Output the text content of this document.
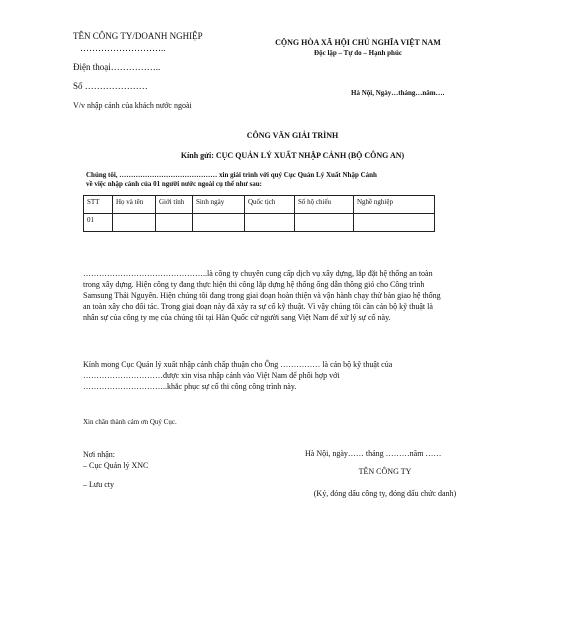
TÊN CÔNG TY/DOANH NGHIỆP
………………………..
Điện thoại……………..
Số …………………
V/v nhập cảnh của khách nước ngoài
CỘNG HÒA XÃ HỘI CHỦ NGHĨA VIỆT NAM
Độc lập – Tự do – Hạnh phúc
Hà Nội, Ngày…tháng…năm….
CÔNG VĂN GIẢI TRÌNH
Kính gửi: CỤC QUẢN LÝ XUẤT NHẬP CẢNH (BỘ CÔNG AN)
Chúng tôi, …………………………………… xin giải trình với quý Cục Quản Lý Xuất Nhập Cảnh
về việc nhập cảnh của 01 người nước ngoài cụ thể như sau:
STT	Họ và tên	Giới tính	Sinh ngày	Quốc tịch	Số hộ chiếu	Nghề nghiệp
01						
………………………………………..là công ty chuyên cung cấp dịch vụ xây dựng, lắp đặt hệ thống an toàn trong xây dựng. Hiện công ty đang thực hiện thi công lắp dựng hệ thống ống dẫn thông gió cho Công trình Samsung Thái Nguyên. Hiện chúng tôi đang trong giai đoạn hoàn thiện và vận hành chạy thử bàn giao hệ thống an toàn xây cho đối tác. Trong giai đoạn này đã xảy ra sự cố kỹ thuật. Vì vậy chúng tôi cần cán bộ kỹ thuật là nhân sự của công ty mẹ của chúng tôi tại Hàn Quốc cử người sang Việt Nam để xử lý sự cố này.
Kính mong Cục Quản lý xuất nhập cảnh chấp thuận cho Ông …………… là cán bộ kỹ thuật của
…………………………được xin visa nhập cảnh vào Việt Nam để phối hợp với
…………………………..khắc phục sự cố thi công công trình này.
Xin chân thành cảm ơn Quý Cục.
Nơi nhận:
– Cục Quản lý XNC
– Lưu cty
Hà Nội, ngày…… tháng ………năm ……
TÊN CÔNG TY
(Ký, đóng dấu công ty, đóng dấu chức danh)
